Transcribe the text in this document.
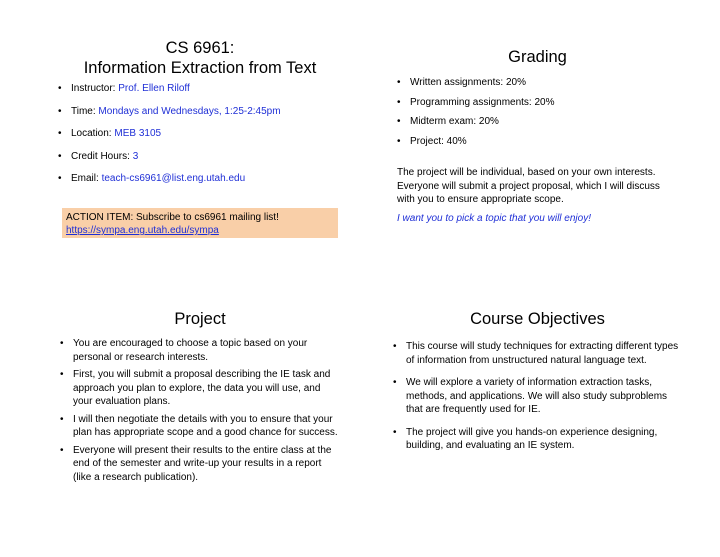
CS 6961:
Information Extraction from Text
• Instructor: Prof. Ellen Riloff
• Time: Mondays and Wednesdays, 1:25-2:45pm
• Location: MEB 3105
• Credit Hours: 3
• Email: teach-cs6961@list.eng.utah.edu
ACTION ITEM: Subscribe to cs6961 mailing list!
https://sympa.eng.utah.edu/sympa
Grading
• Written assignments: 20%
• Programming assignments: 20%
• Midterm exam: 20%
• Project: 40%
The project will be individual, based on your own interests. Everyone will submit a project proposal, which I will discuss with you to ensure appropriate scope.
I want you to pick a topic that you will enjoy!
Project
• You are encouraged to choose a topic based on your personal or research interests.
• First, you will submit a proposal describing the IE task and approach you plan to explore, the data you will use, and your evaluation plans.
• I will then negotiate the details with you to ensure that your plan has appropriate scope and a good chance for success.
• Everyone will present their results to the entire class at the end of the semester and write-up your results in a report (like a research publication).
Course Objectives
• This course will study techniques for extracting different types of information from unstructured natural language text.
• We will explore a variety of information extraction tasks, methods, and applications. We will also study subproblems that are frequently used for IE.
• The project will give you hands-on experience designing, building, and evaluating an IE system.
